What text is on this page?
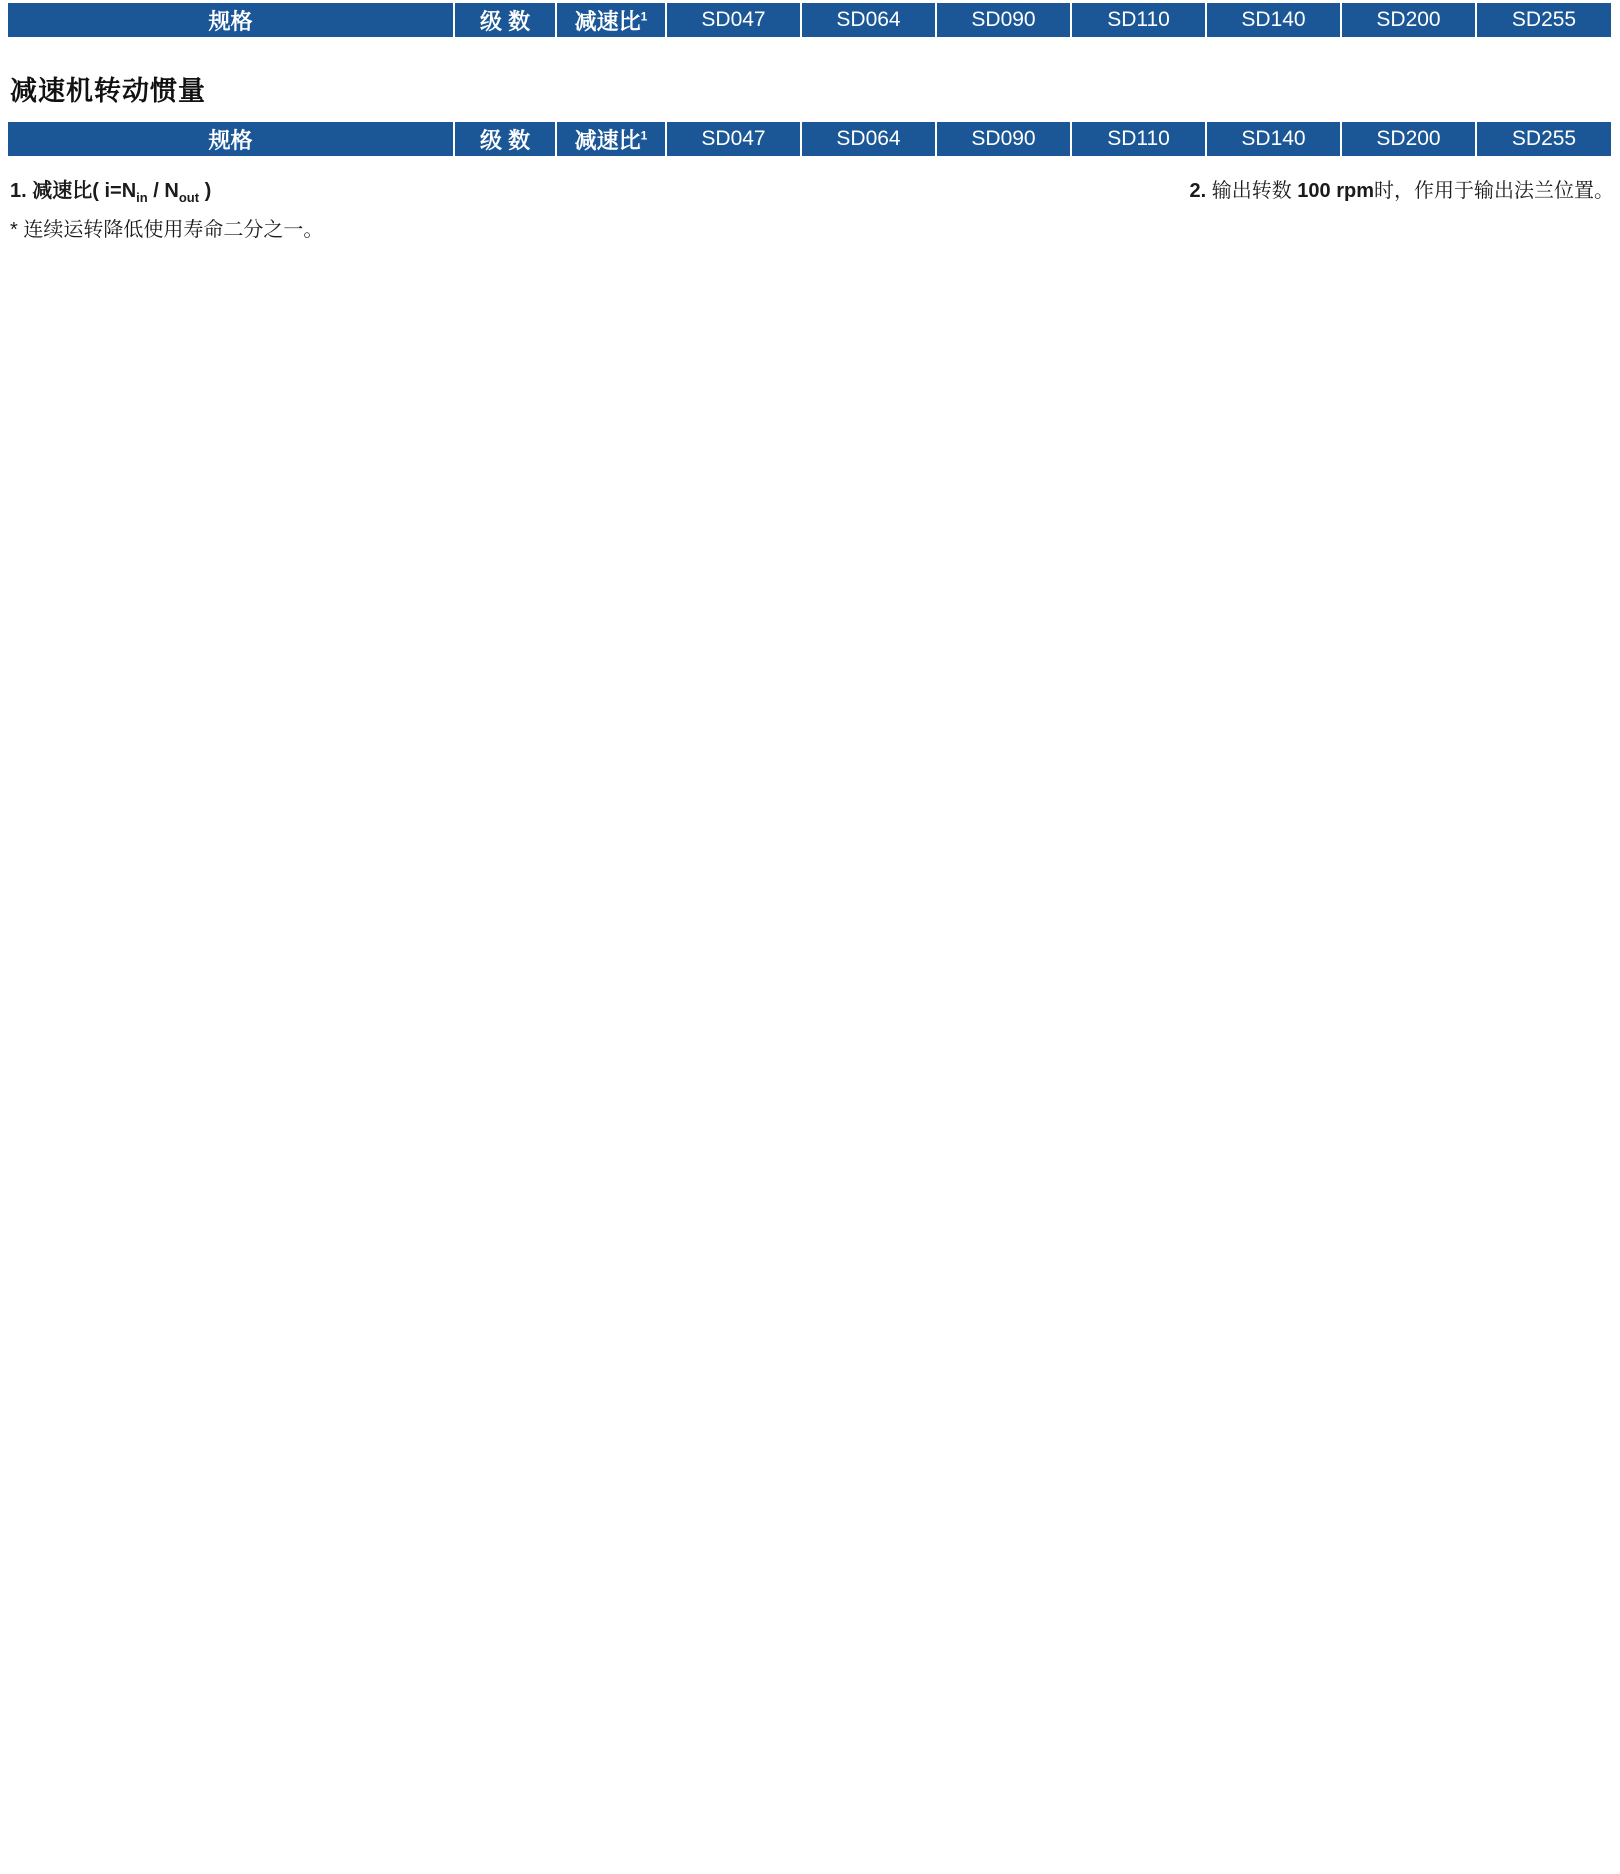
规格	级 数	减速比$^1$	SD047	SD064	SD090	SD110	SD140	SD200	SD255
减速机转动惯量
规格	级 数	减速比$^1$	SD047	SD064	SD090	SD110	SD140	SD200	SD255
1. 减速比( $i=N_{in} / N_{out}$ )
* 连续运转降低使用寿命二分之一。
2. 输出转数 100 rpm时，作用于输出法兰位置。
